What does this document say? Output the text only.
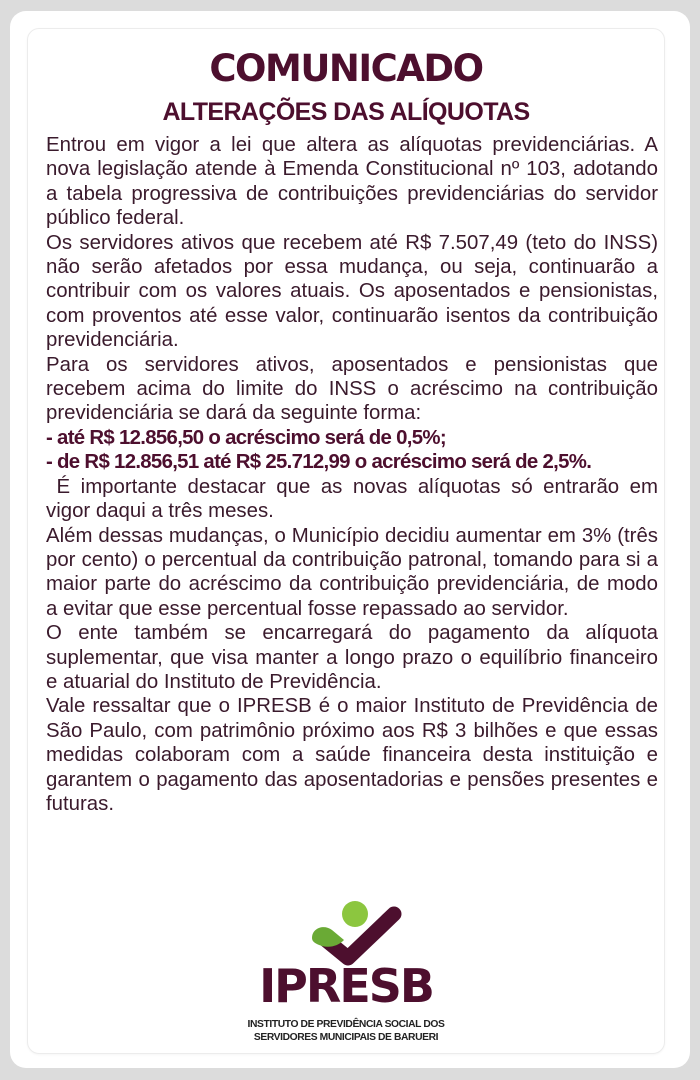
COMUNICADO
ALTERAÇÕES DAS ALÍQUOTAS

Entrou em vigor a lei que altera as alíquotas previdenciárias. A nova legislação atende à Emenda Constitucional nº 103, adotando a tabela progressiva de contribuições previdenciárias do servidor público federal.

Os servidores ativos que recebem até R$ 7.507,49 (teto do INSS) não serão afetados por essa mudança, ou seja, continuarão a contribuir com os valores atuais. Os aposentados e pensionistas, com proventos até esse valor, continuarão isentos da contribuição previdenciária.

Para os servidores ativos, aposentados e pensionistas que recebem acima do limite do INSS o acréscimo na contribuição previdenciária se dará da seguinte forma:

- até R$ 12.856,50 o acréscimo será de 0,5%;

- de R$ 12.856,51 até R$ 25.712,99 o acréscimo será de 2,5%.

É importante destacar que as novas alíquotas só entrarão em vigor daqui a três meses.

Além dessas mudanças, o Município decidiu aumentar em 3% (três por cento) o percentual da contribuição patronal, tomando para si a maior parte do acréscimo da contribuição previdenciária, de modo a evitar que esse percentual fosse repassado ao servidor.

O ente também se encarregará do pagamento da alíquota suplementar, que visa manter a longo prazo o equilíbrio financeiro e atuarial do Instituto de Previdência.

Vale ressaltar que o IPRESB é o maior Instituto de Previdência de São Paulo, com patrimônio próximo aos R$ 3 bilhões e que essas medidas colaboram com a saúde financeira desta instituição e garantem o pagamento das aposentadorias e pensões presentes e futuras.

IPRESB
INSTITUTO DE PREVIDÊNCIA SOCIAL DOS
SERVIDORES MUNICIPAIS DE BARUERI
